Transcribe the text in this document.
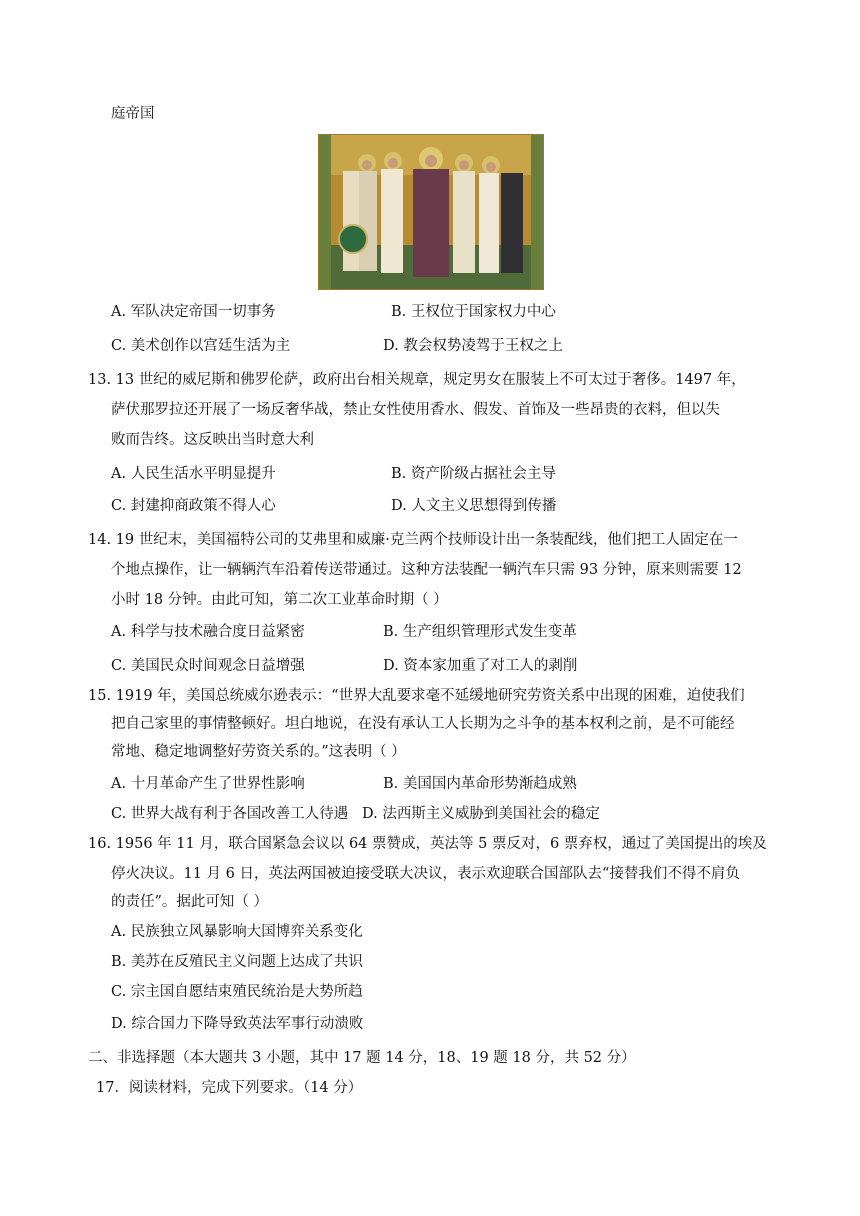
庭帝国
A. 军队决定帝国一切事务	B. 王权位于国家权力中心
C. 美术创作以宫廷生活为主	D. 教会权势凌驾于王权之上
13. 13 世纪的威尼斯和佛罗伦萨，政府出台相关规章，规定男女在服装上不可太过于奢侈。1497 年，
萨伏那罗拉还开展了一场反奢华战，禁止女性使用香水、假发、首饰及一些昂贵的衣料，但以失
败而告终。这反映出当时意大利
A. 人民生活水平明显提升	B. 资产阶级占据社会主导
C. 封建抑商政策不得人心	D. 人文主义思想得到传播
14. 19 世纪末，美国福特公司的艾弗里和威廉·克兰两个技师设计出一条装配线，他们把工人固定在一
个地点操作，让一辆辆汽车沿着传送带通过。这种方法装配一辆汽车只需 93 分钟，原来则需要 12
小时 18 分钟。由此可知，第二次工业革命时期（ ）
A. 科学与技术融合度日益紧密	B. 生产组织管理形式发生变革
C. 美国民众时间观念日益增强	D. 资本家加重了对工人的剥削
15. 1919 年，美国总统威尔逊表示：“世界大乱要求毫不延缓地研究劳资关系中出现的困难，迫使我们
把自己家里的事情整顿好。坦白地说，在没有承认工人长期为之斗争的基本权利之前，是不可能经
常地、稳定地调整好劳资关系的。”这表明（ ）
A. 十月革命产生了世界性影响	B. 美国国内革命形势渐趋成熟
C. 世界大战有利于各国改善工人待遇 D. 法西斯主义威胁到美国社会的稳定
16. 1956 年 11 月，联合国紧急会议以 64 票赞成，英法等 5 票反对，6 票弃权，通过了美国提出的埃及
停火决议。11 月 6 日，英法两国被迫接受联大决议，表示欢迎联合国部队去“接替我们不得不肩负
的责任”。据此可知（ ）
A. 民族独立风暴影响大国博弈关系变化
B. 美苏在反殖民主义问题上达成了共识
C. 宗主国自愿结束殖民统治是大势所趋
D. 综合国力下降导致英法军事行动溃败
二、非选择题（本大题共 3 小题，其中 17 题 14 分，18、19 题 18 分，共 52 分）
17．阅读材料，完成下列要求。（14 分）
